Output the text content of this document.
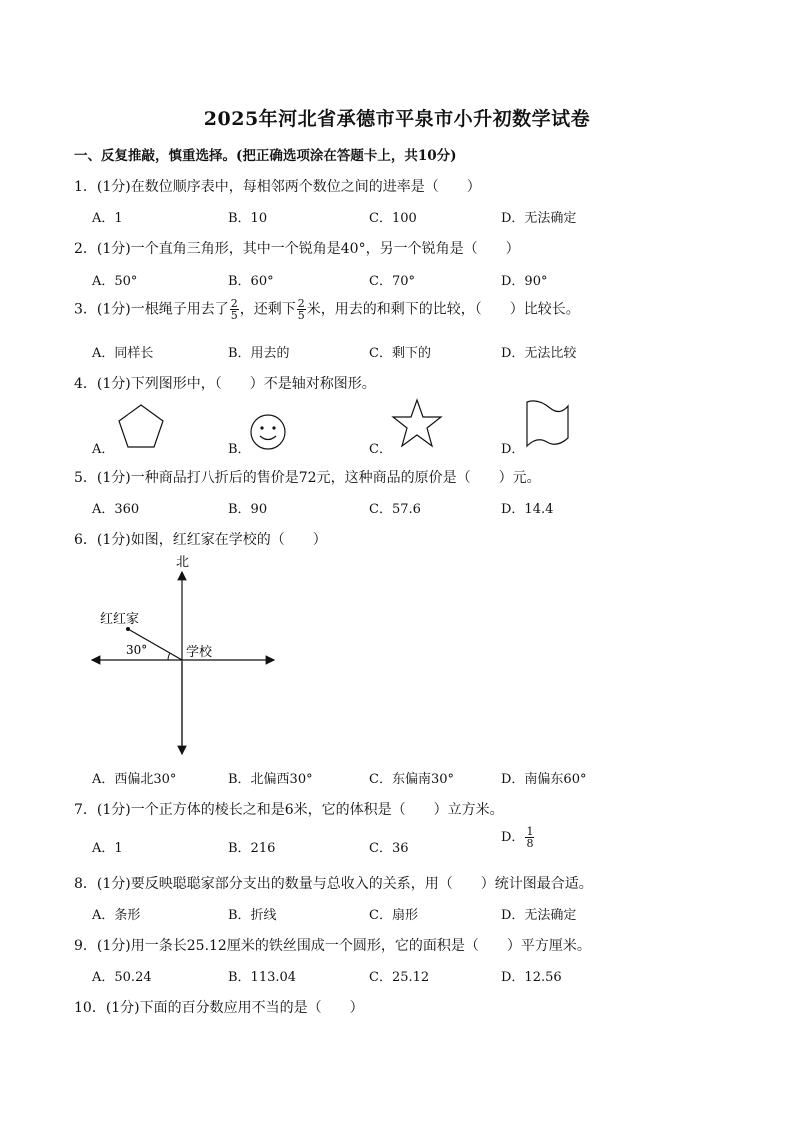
2025年河北省承德市平泉市小升初数学试卷
一、反复推敲，慎重选择。(把正确选项涂在答题卡上，共10分)
1．(1分)在数位顺序表中，每相邻两个数位之间的进率是（　　）
A．1	B．10	C．100	D．无法确定
2．(1分)一个直角三角形，其中一个锐角是40°，另一个锐角是（　　）
A．50°	B．60°	C．70°	D．90°
3．(1分)一根绳子用去了 $\frac{2}{5}$ ，还剩下 $\frac{2}{5}$ 米，用去的和剩下的比较，（　　）比较长。
A．同样长	B．用去的	C．剩下的	D．无法比较
4．(1分)下列图形中，（　　）不是轴对称图形。
A．	B．	C．	D．
5．(1分)一种商品打八折后的售价是72元，这种商品的原价是（　　）元。
A．360	B．90	C．57.6	D．14.4
6．(1分)如图，红红家在学校的（　　）
北
红红家
学校
30°
A．西偏北30°	B．北偏西30°	C．东偏南30°	D．南偏东60°
7．(1分)一个正方体的棱长之和是6米，它的体积是（　　）立方米。
A．1	B．216	C．36
D． $\frac{1}{8}$
8．(1分)要反映聪聪家部分支出的数量与总收入的关系，用（　　）统计图最合适。
A．条形	B．折线	C．扇形	D．无法确定
9．(1分)用一条长25.12厘米的铁丝围成一个圆形，它的面积是（　　）平方厘米。
A．50.24	B．113.04	C．25.12	D．12.56
10．(1分)下面的百分数应用不当的是（　　）
